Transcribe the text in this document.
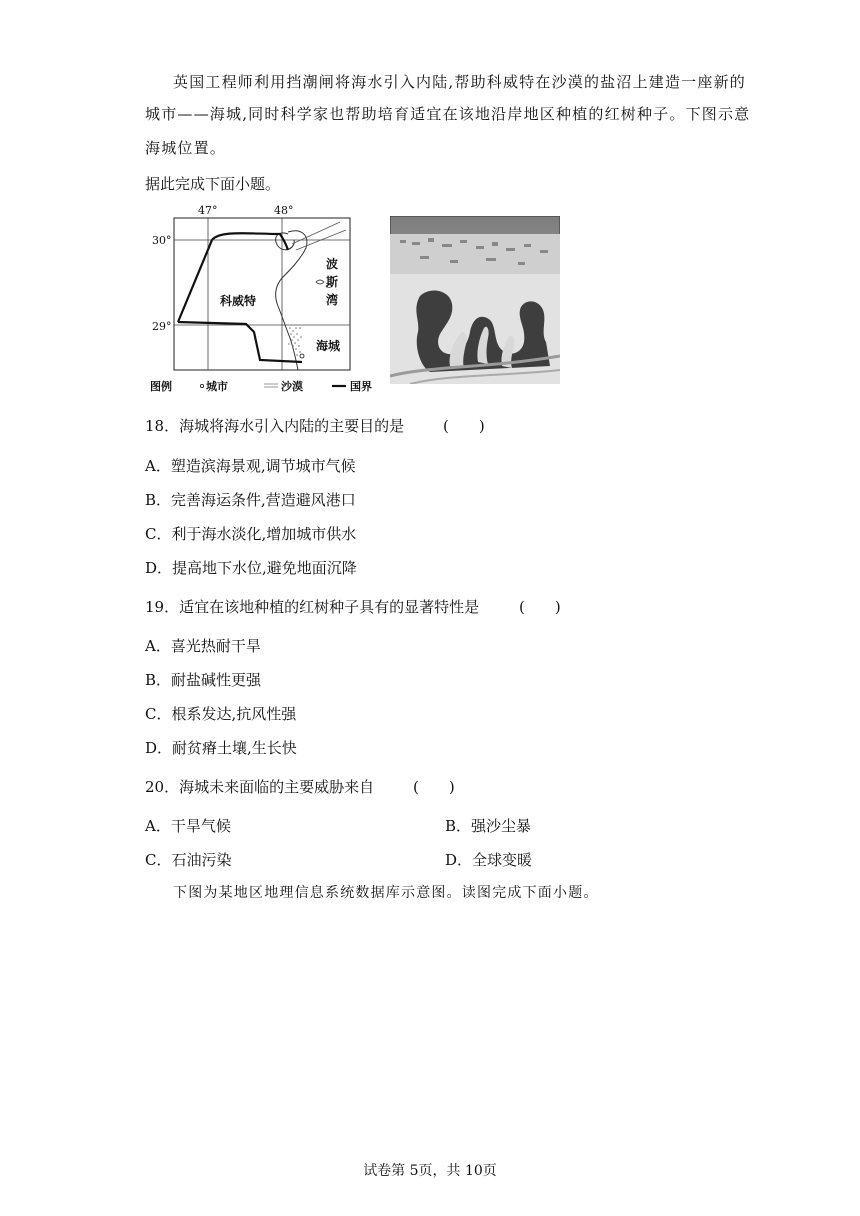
英国工程师利用挡潮闸将海水引入内陆,帮助科威特在沙漠的盐沼上建造一座新的
城市——海城,同时科学家也帮助培育适宜在该地沿岸地区种植的红树种子。下图示意
海城位置。
据此完成下面小题。
47°	48°
30°
29°
科威特
波
斯
湾
海城
图例	城市	沙漠	国界
18．海城将海水引入内陆的主要目的是	(　　)
A．塑造滨海景观,调节城市气候
B．完善海运条件,营造避风港口
C．利于海水淡化,增加城市供水
D．提高地下水位,避免地面沉降
19．适宜在该地种植的红树种子具有的显著特性是	(　　)
A．喜光热耐干旱
B．耐盐碱性更强
C．根系发达,抗风性强
D．耐贫瘠土壤,生长快
20．海城未来面临的主要威胁来自	(　　)
A．干旱气候	B．强沙尘暴
C．石油污染	D．全球变暖
下图为某地区地理信息系统数据库示意图。读图完成下面小题。
试卷第 5页，共 10页
